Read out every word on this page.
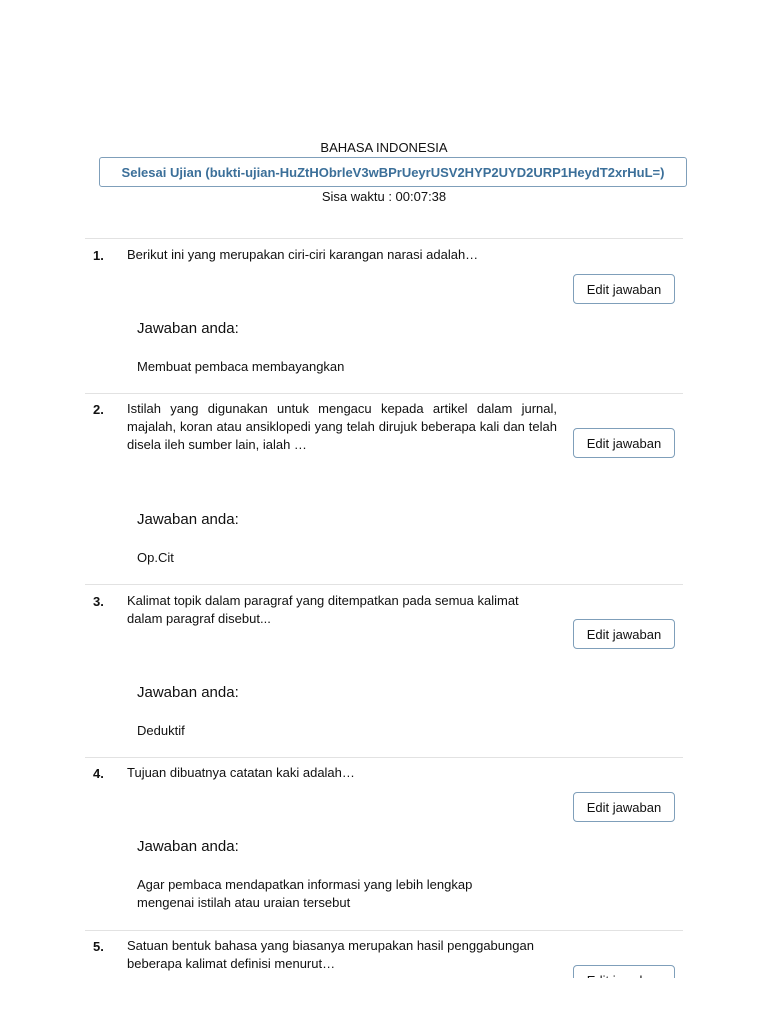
BAHASA INDONESIA

Selesai Ujian (bukti-ujian-HuZtHObrleV3wBPrUeyrUSV2HYP2UYD2URP1HeydT2xrHuL=)
Sisa waktu : 00:07:38
1. Berikut ini yang merupakan ciri-ciri karangan narasi adalah…
Edit jawaban
Jawaban anda:
Membuat pembaca membayangkan
2. Istilah yang digunakan untuk mengacu kepada artikel dalam jurnal, majalah, koran atau ansiklopedi yang telah dirujuk beberapa kali dan telah disela ileh sumber lain, ialah …	Edit jawaban
Jawaban anda:
Op.Cit
3. Kalimat topik dalam paragraf yang ditempatkan pada semua kalimat dalam paragraf disebut...
Edit jawaban
Jawaban anda:
Deduktif
4. Tujuan dibuatnya catatan kaki adalah…
Edit jawaban
Jawaban anda:
Agar pembaca mendapatkan informasi yang lebih lengkap mengenai istilah atau uraian tersebut
5. Satuan bentuk bahasa yang biasanya merupakan hasil penggabungan beberapa kalimat definisi menurut…
